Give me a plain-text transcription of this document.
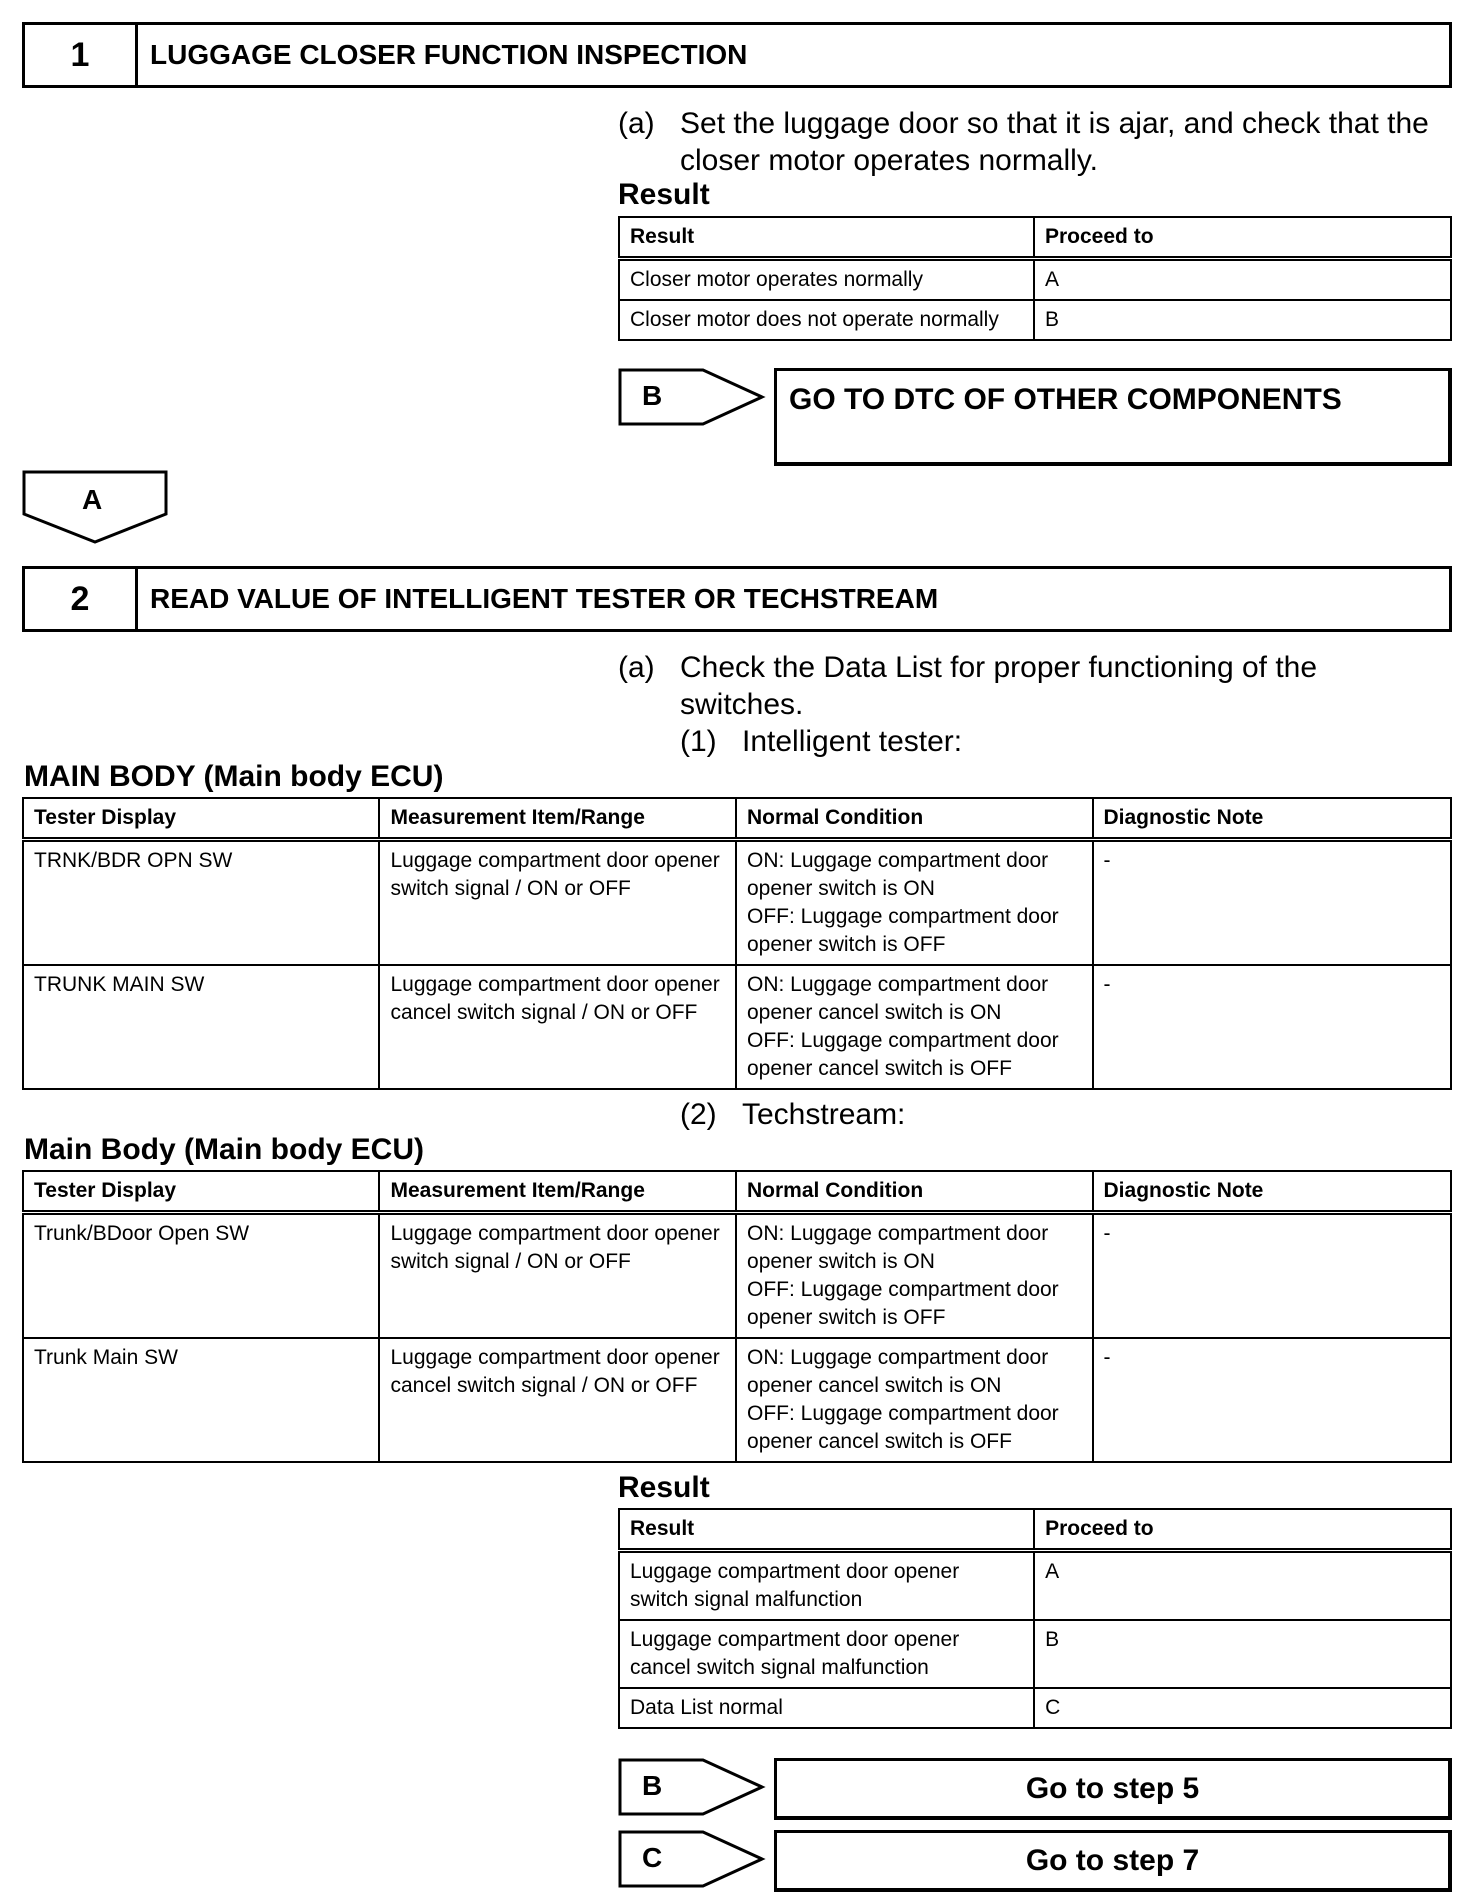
1	LUGGAGE CLOSER FUNCTION INSPECTION
(a) Set the luggage door so that it is ajar, and check that the closer motor operates normally.
Result
Result	Proceed to
Closer motor operates normally	A
Closer motor does not operate normally	B
B	GO TO DTC OF OTHER COMPONENTS
A
2	READ VALUE OF INTELLIGENT TESTER OR TECHSTREAM
(a) Check the Data List for proper functioning of the switches.
(1) Intelligent tester:
MAIN BODY (Main body ECU)
Tester Display	Measurement Item/Range	Normal Condition	Diagnostic Note
TRNK/BDR OPN SW	Luggage compartment door opener switch signal / ON or OFF	ON: Luggage compartment door opener switch is ON
OFF: Luggage compartment door opener switch is OFF	-
TRUNK MAIN SW	Luggage compartment door opener cancel switch signal / ON or OFF	ON: Luggage compartment door opener cancel switch is ON
OFF: Luggage compartment door opener cancel switch is OFF	-
(2) Techstream:
Main Body (Main body ECU)
Tester Display	Measurement Item/Range	Normal Condition	Diagnostic Note
Trunk/BDoor Open SW	Luggage compartment door opener switch signal / ON or OFF	ON: Luggage compartment door opener switch is ON
OFF: Luggage compartment door opener switch is OFF	-
Trunk Main SW	Luggage compartment door opener cancel switch signal / ON or OFF	ON: Luggage compartment door opener cancel switch is ON
OFF: Luggage compartment door opener cancel switch is OFF	-
Result
Result	Proceed to
Luggage compartment door opener switch signal malfunction	A
Luggage compartment door opener cancel switch signal malfunction	B
Data List normal	C
B	Go to step 5
C	Go to step 7
